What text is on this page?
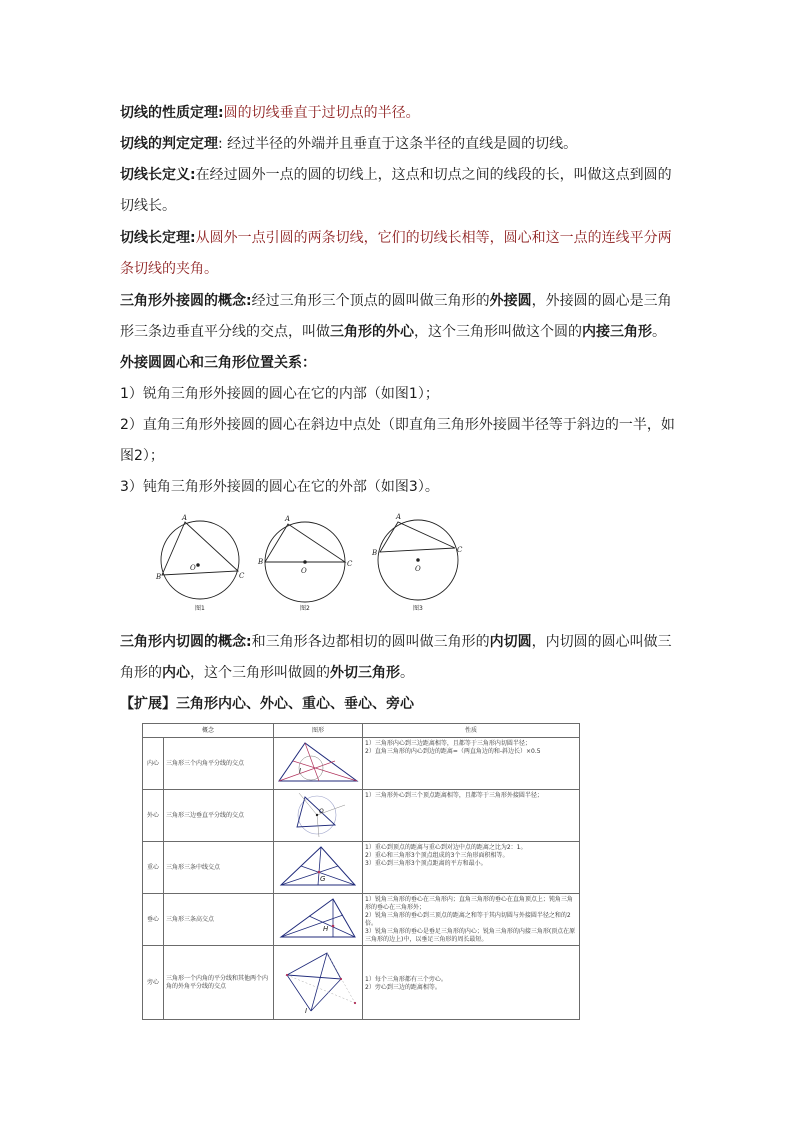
切线的性质定理:圆的切线垂直于过切点的半径。

切线的判定定理: 经过半径的外端并且垂直于这条半径的直线是圆的切线。

切线长定义:在经过圆外一点的圆的切线上，这点和切点之间的线段的长，叫做这点到圆的切线长。

切线长定理:从圆外一点引圆的两条切线，它们的切线长相等，圆心和这一点的连线平分两条切线的夹角。

三角形外接圆的概念:经过三角形三个顶点的圆叫做三角形的外接圆，外接圆的圆心是三角形三条边垂直平分线的交点，叫做三角形的外心，这个三角形叫做这个圆的内接三角形。

外接圆圆心和三角形位置关系：

1）锐角三角形外接圆的圆心在它的内部（如图1）；

2）直角三角形外接圆的圆心在斜边中点处（即直角三角形外接圆半径等于斜边的一半，如图2）；

3）钝角三角形外接圆的圆心在它的外部（如图3）。

A
B	C
O
图1
A
B	C
O
图2
A
B	C
O
图3

三角形内切圆的概念:和三角形各边都相切的圆叫做三角形的内切圆，内切圆的圆心叫做三角形的内心，这个三角形叫做圆的外切三角形。

【扩展】三角形内心、外心、重心、垂心、旁心

概念		图形	性质
内心	三角形三个内角平分线的交点	I	1）三角形内心到三边距离相等，且都等于三角形内切圆半径；
2）直角三角形的内心到边的距离=（两直角边的和-斜边长）×0.5

外心	三角形三边垂直平分线的交点	O	1）三角形外心到三个顶点距离相等，且都等于三角形外接圆半径；

重心	三角形三条中线交点	G	1）重心到顶点的距离与重心到对边中点的距离之比为2：1。
2）重心和三角形3个顶点组成的3个三角形面积相等。
3）重心到三角形3个顶点距离的平方和最小。

垂心	三角形三条高交点	H	1）锐角三角形的垂心在三角形内；直角三角形的垂心在直角顶点上；钝角三角形的垂心在三角形外；
2）锐角三角形的垂心到三顶点的距离之和等于其内切圆与外接圆半径之和的2倍。
3）锐角三角形的垂心是垂足三角形的内心；锐角三角形的内接三角形(顶点在原三角形的边上)中，以垂足三角形的周长最短。

旁心	三角形一个内角的平分线和其他两个内角的外角平分线的交点	I	1）每个三角形都有三个旁心。
2）旁心到三边的距离相等。
